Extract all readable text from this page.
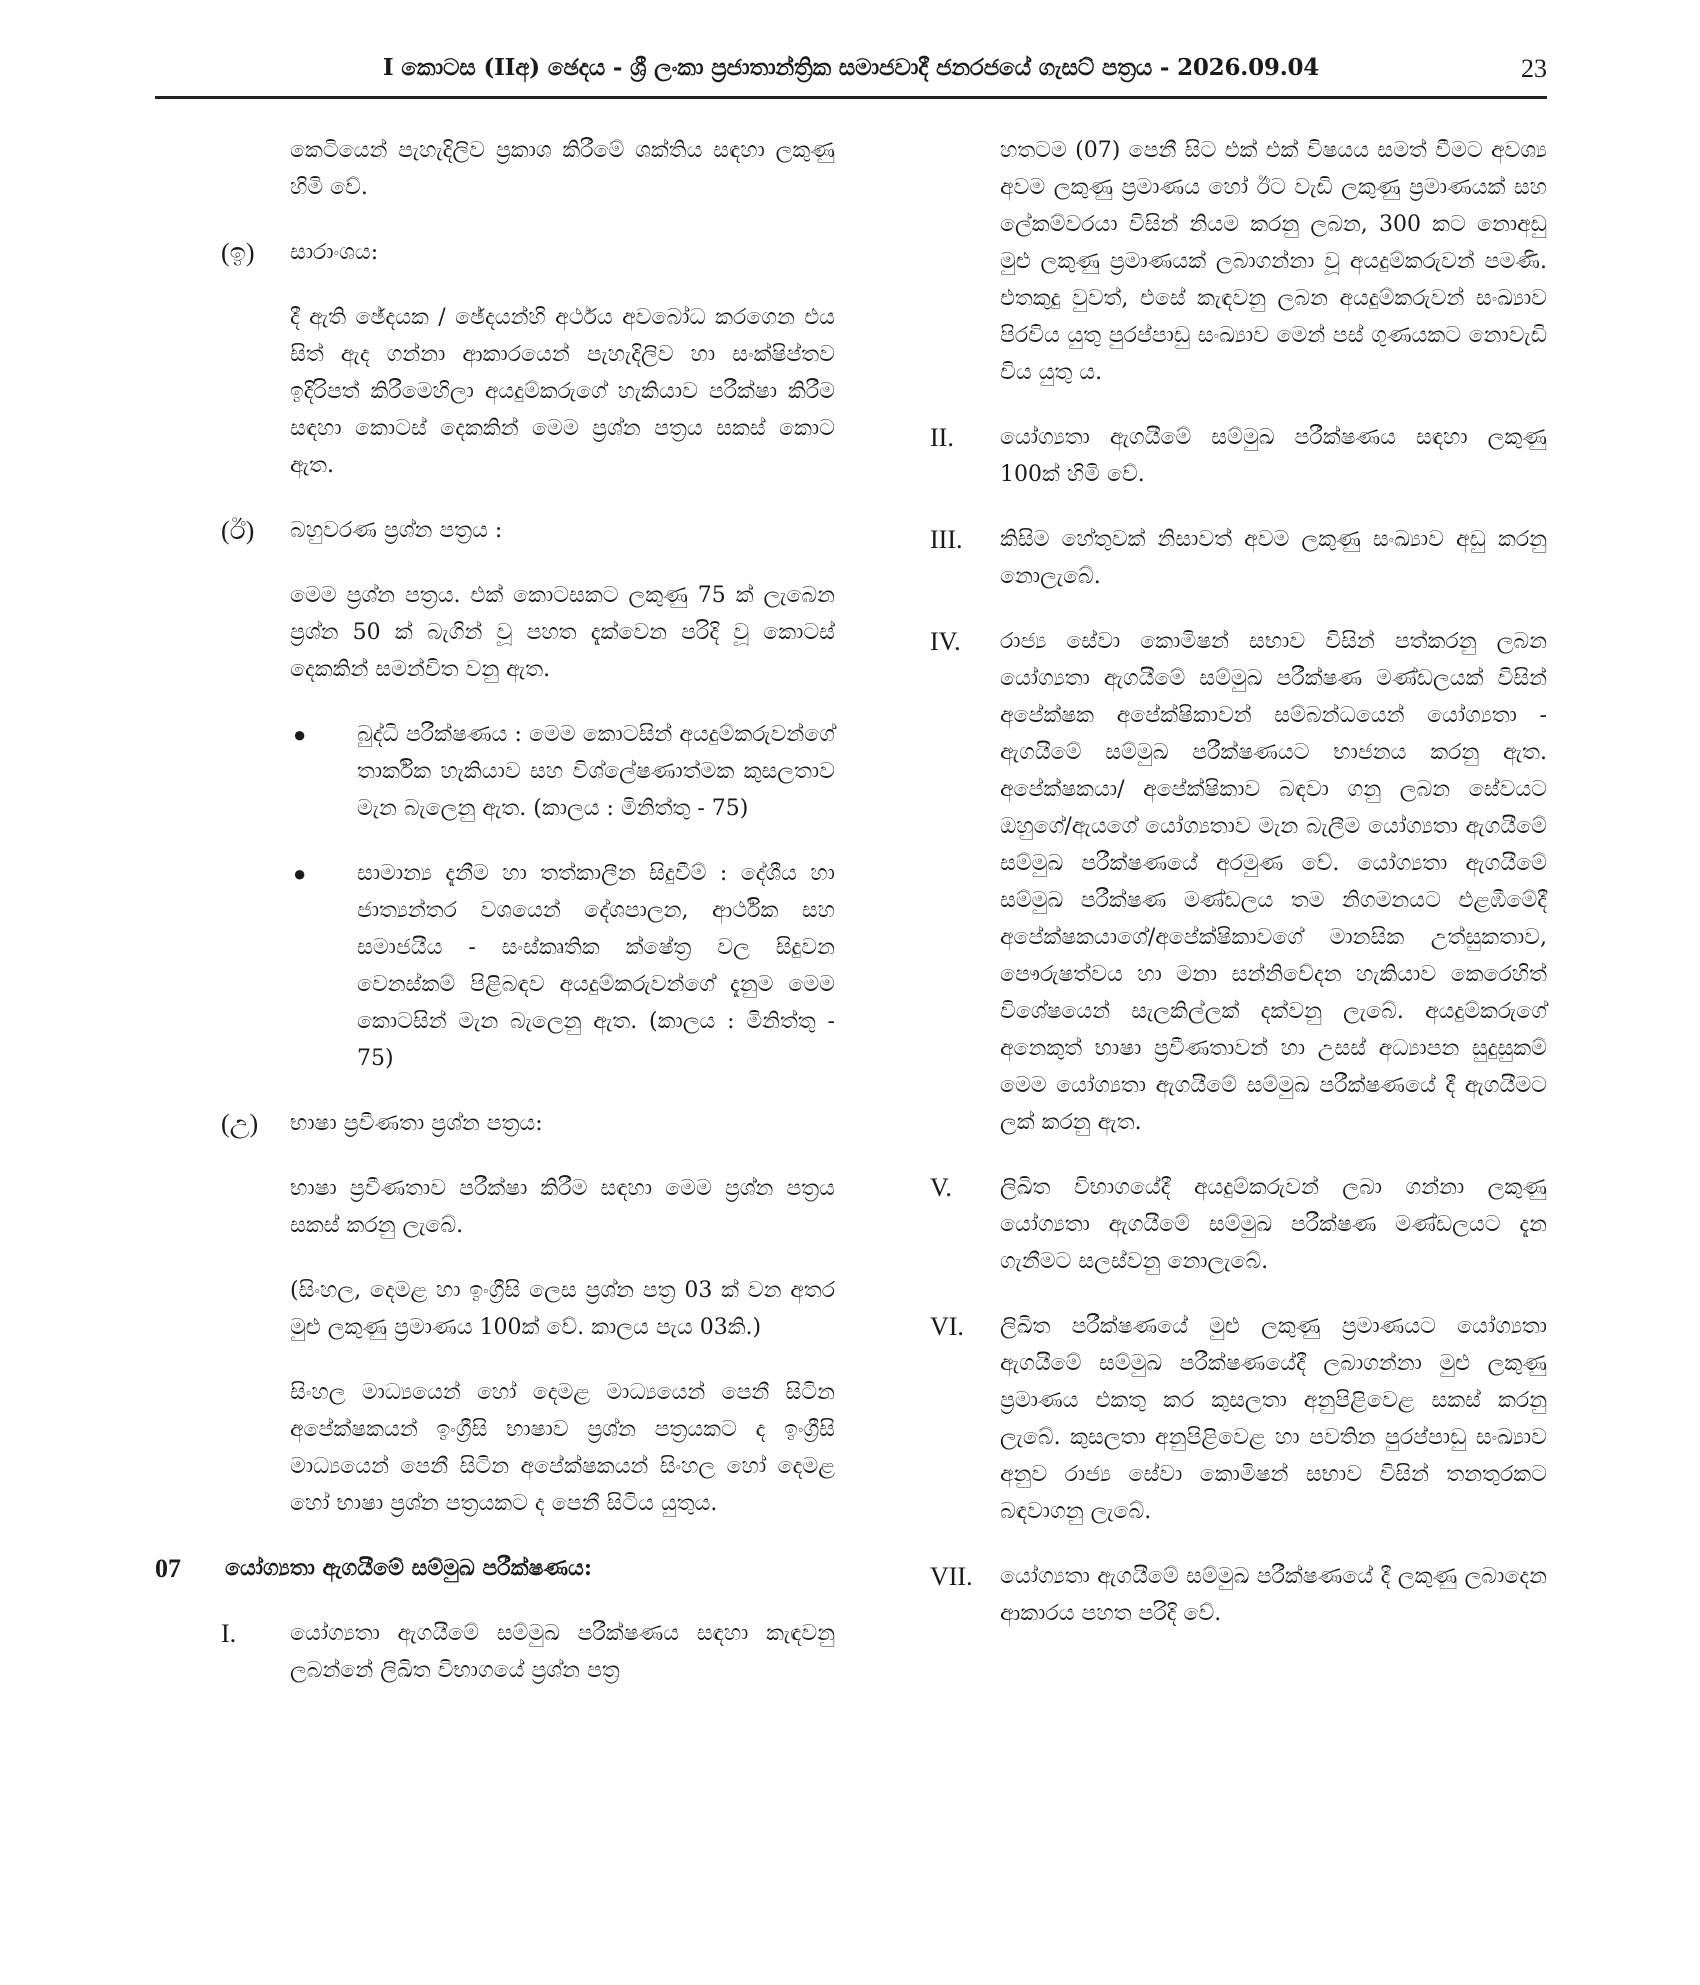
I කොටස (IIඅ) ඡෙදය - ශ්‍රී ලංකා ප්‍රජාතාන්ත්‍රික සමාජවාදී ජනරජයේ ගැසට් පත්‍රය - 2026.09.04	23

කෙටියෙන් පැහැදිලිව ප්‍රකාශ කිරීමේ ශක්තිය සඳහා ලකුණු හිමි වේ.

(ඉ) සාරාංශය:

දී ඇති ඡේදයක / ඡේදයන්හි අර්ථය අවබෝධ කරගෙන එය සිත් ඇද ගන්නා ආකාරයෙන් පැහැදිලිව හා සංක්ෂිප්තව ඉදිරිපත් කිරීමෙහිලා අයදුම්කරුගේ හැකියාව පරීක්ෂා කිරීම සඳහා කොටස් දෙකකින් මෙම ප්‍රශ්න පත්‍රය සකස් කොට ඇත.

(ඊ) බහුවරණ ප්‍රශ්න පත්‍රය :

මෙම ප්‍රශ්න පත්‍රය. එක් කොටසකට ලකුණු 75 ක් ලැබෙන ප්‍රශ්න 50 ක් බැගින් වූ පහත දැක්වෙන පරිදි වූ කොටස් දෙකකින් සමන්විත වනු ඇත.

● බුද්ධි පරීක්ෂණය : මෙම කොටසින් අයදුම්කරුවන්ගේ තාර්කික හැකියාව සහ විශ්ලේෂණාත්මක කුසලතාව මැන බැලෙනු ඇත. (කාලය : මිනිත්තු - 75)
● සාමාන්‍ය දැනීම හා තත්කාලීන සිදුවීම් : දේශීය හා ජාත්‍යන්තර වශයෙන් දේශපාලන, ආර්ථික සහ සමාජයීය - සංස්කෘතික ක්ෂේත්‍ර වල සිදුවන වෙනස්කම් පිළිබඳව අයදුම්කරුවන්ගේ දැනුම මෙම කොටසින් මැන බැලෙනු ඇත. (කාලය : මිනිත්තු - 75)
(උ) භාෂා ප්‍රවීණතා ප්‍රශ්න පත්‍රය:

භාෂා ප්‍රවීණතාව පරීක්ෂා කිරීම සඳහා මෙම ප්‍රශ්න පත්‍රය සකස් කරනු ලැබේ.

(සිංහල, දෙමළ හා ඉංග්‍රීසි ලෙස ප්‍රශ්න පත්‍ර 03 ක් වන අතර මුළු ලකුණු ප්‍රමාණය 100ක් වේ. කාලය පැය 03කි.)

සිංහල මාධ්‍යයෙන් හෝ දෙමළ මාධ්‍යයෙන් පෙනී සිටින අපේක්ෂකයන් ඉංග්‍රීසි භාෂාව ප්‍රශ්න පත්‍රයකට ද ඉංග්‍රීසි මාධ්‍යයෙන් පෙනී සිටින අපේක්ෂකයන් සිංහල හෝ දෙමළ හෝ භාෂා ප්‍රශ්න පත්‍රයකට ද පෙනී සිටිය යුතුය.

07 යෝග්‍යතා ඇගයීමේ සම්මුඛ පරීක්ෂණය:
I. යෝග්‍යතා ඇගයීමේ සම්මුඛ පරීක්ෂණය සඳහා කැඳවනු ලබන්නේ ලිඛිත විභාගයේ ප්‍රශ්න පත්‍ර

හතටම (07) පෙනී සිට එක් එක් විෂයය සමත් වීමට අවශ්‍ය අවම ලකුණු ප්‍රමාණය හෝ ඊට වැඩි ලකුණු ප්‍රමාණයක් සහ ලේකම්වරයා විසින් නියම කරනු ලබන, 300 කට නොඅඩු මුළු ලකුණු ප්‍රමාණයක් ලබාගන්නා වූ අයදුම්කරුවන් පමණි. එතකුදු වුවත්, එසේ කැඳවනු ලබන අයදුම්කරුවන් සංඛ්‍යාව පිරවිය යුතු පුරප්පාඩු සංඛ්‍යාව මෙන් පස් ගුණයකට නොවැඩි විය යුතු ය.

II. යෝග්‍යතා ඇගයීමේ සම්මුඛ පරීක්ෂණය සඳහා ලකුණු 100ක් හිමි වේ.
III. කිසිම හේතුවක් නිසාවත් අවම ලකුණු සංඛ්‍යාව අඩු කරනු නොලැබේ.
IV. රාජ්‍ය සේවා කොමිෂන් සභාව විසින් පත්කරනු ලබන යෝග්‍යතා ඇගයීමේ සම්මුඛ පරීක්ෂණ මණ්ඩලයක් විසින් අපේක්ෂක අපේක්ෂිකාවන් සම්බන්ධයෙන් යෝග්‍යතා - ඇගයීමේ සම්මුඛ පරීක්ෂණයට භාජනය කරනු ඇත. අපේක්ෂකයා/ අපේක්ෂිකාව බඳවා ගනු ලබන සේවයට ඔහුගේ/ඇයගේ යෝග්‍යතාව මැන බැලීම යෝග්‍යතා ඇගයීමේ සම්මුඛ පරීක්ෂණයේ අරමුණ වේ. යෝග්‍යතා ඇගයීමේ සම්මුඛ පරීක්ෂණ මණ්ඩලය තම නිගමනයට එළඹීමේදී අපේක්ෂකයාගේ/අපේක්ෂිකාවගේ මානසික උත්සුකතාව, පෞරුෂත්වය හා මනා සන්නිවේදන හැකියාව කෙරෙහිත් විශේෂයෙන් සැලකිල්ලක් දක්වනු ලැබේ. අයදුම්කරුගේ අනෙකුත් භාෂා ප්‍රවීණතාවන් හා උසස් අධ්‍යාපන සුදුසුකම් මෙම යෝග්‍යතා ඇගයීමේ සම්මුඛ පරීක්ෂණයේ දී ඇගයීමට ලක් කරනු ඇත.
V. ලිඛිත විභාගයේදී අයදුම්කරුවන් ලබා ගන්නා ලකුණු යෝග්‍යතා ඇගයීමේ සම්මුඛ පරීක්ෂණ මණ්ඩලයට දැන ගැනීමට සලස්වනු නොලැබේ.
VI. ලිඛිත පරීක්ෂණයේ මුළු ලකුණු ප්‍රමාණයට යෝග්‍යතා ඇගයීමේ සම්මුඛ පරීක්ෂණයේදී ලබාගන්නා මුළු ලකුණු ප්‍රමාණය එකතු කර කුසලතා අනුපිළිවෙළ සකස් කරනු ලැබේ. කුසලතා අනුපිළිවෙළ හා පවතින පුරප්පාඩු සංඛ්‍යාව අනුව රාජ්‍ය සේවා කොමිෂන් සභාව විසින් තනතුරකට බඳවාගනු ලැබේ.
VII. යෝග්‍යතා ඇගයීමේ සම්මුඛ පරීක්ෂණයේ දී ලකුණු ලබාදෙන ආකාරය පහත පරිදි වේ.
